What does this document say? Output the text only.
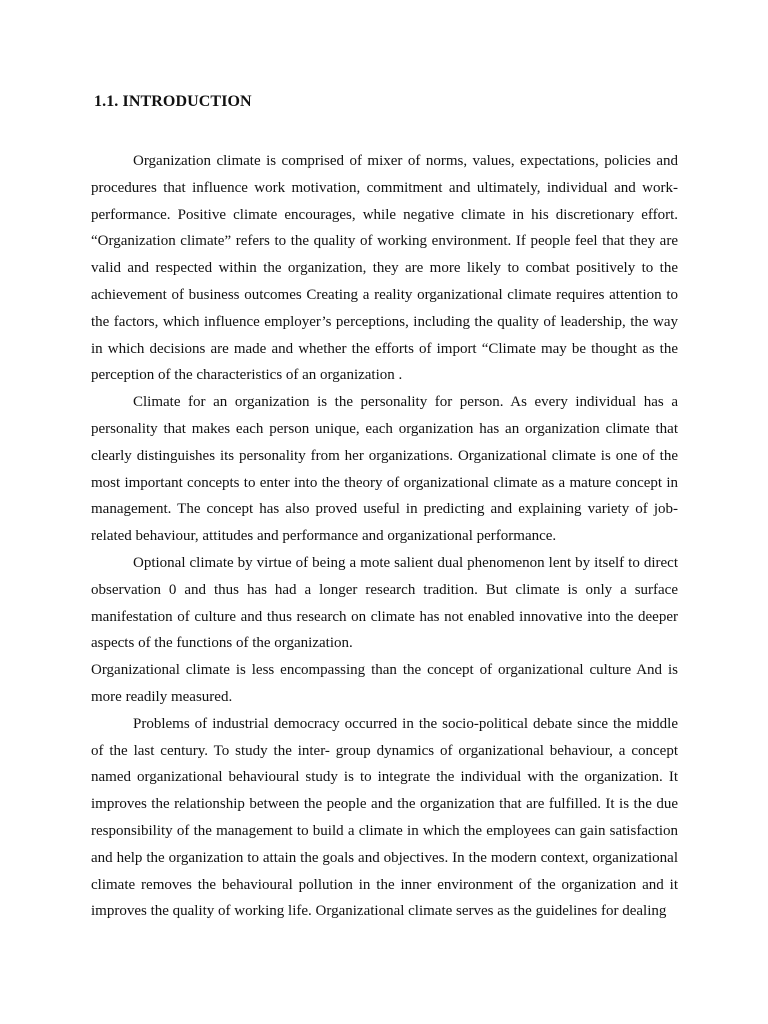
1.1. INTRODUCTION

Organization climate is comprised of mixer of norms, values, expectations, policies and procedures that influence work motivation, commitment and ultimately, individual and work-performance. Positive climate encourages, while negative climate in his discretionary effort. “Organization climate” refers to the quality of working environment. If people feel that they are valid and respected within the organization, they are more likely to combat positively to the achievement of business outcomes Creating a reality organizational climate requires attention to the factors, which influence employer’s perceptions, including the quality of leadership, the way in which decisions are made and whether the efforts of import “Climate may be thought as the perception of the characteristics of an organization .

Climate for an organization is the personality for person. As every individual has a personality that makes each person unique, each organization has an organization climate that clearly distinguishes its personality from her organizations. Organizational climate is one of the most important concepts to enter into the theory of organizational climate as a mature concept in management. The concept has also proved useful in predicting and explaining variety of job-related behaviour, attitudes and performance and organizational performance.

Optional climate by virtue of being a mote salient dual phenomenon lent by itself to direct observation 0 and thus has had a longer research tradition. But climate is only a surface manifestation of culture and thus research on climate has not enabled innovative into the deeper aspects of the functions of the organization.

Organizational climate is less encompassing than the concept of organizational culture And is more readily measured.

Problems of industrial democracy occurred in the socio-political debate since the middle of the last century. To study the inter- group dynamics of organizational behaviour, a concept named organizational behavioural study is to integrate the individual with the organization. It improves the relationship between the people and the organization that are fulfilled. It is the due responsibility of the management to build a climate in which the employees can gain satisfaction and help the organization to attain the goals and objectives. In the modern context, organizational climate removes the behavioural pollution in the inner environment of the organization and it improves the quality of working life. Organizational climate serves as the guidelines for dealing
